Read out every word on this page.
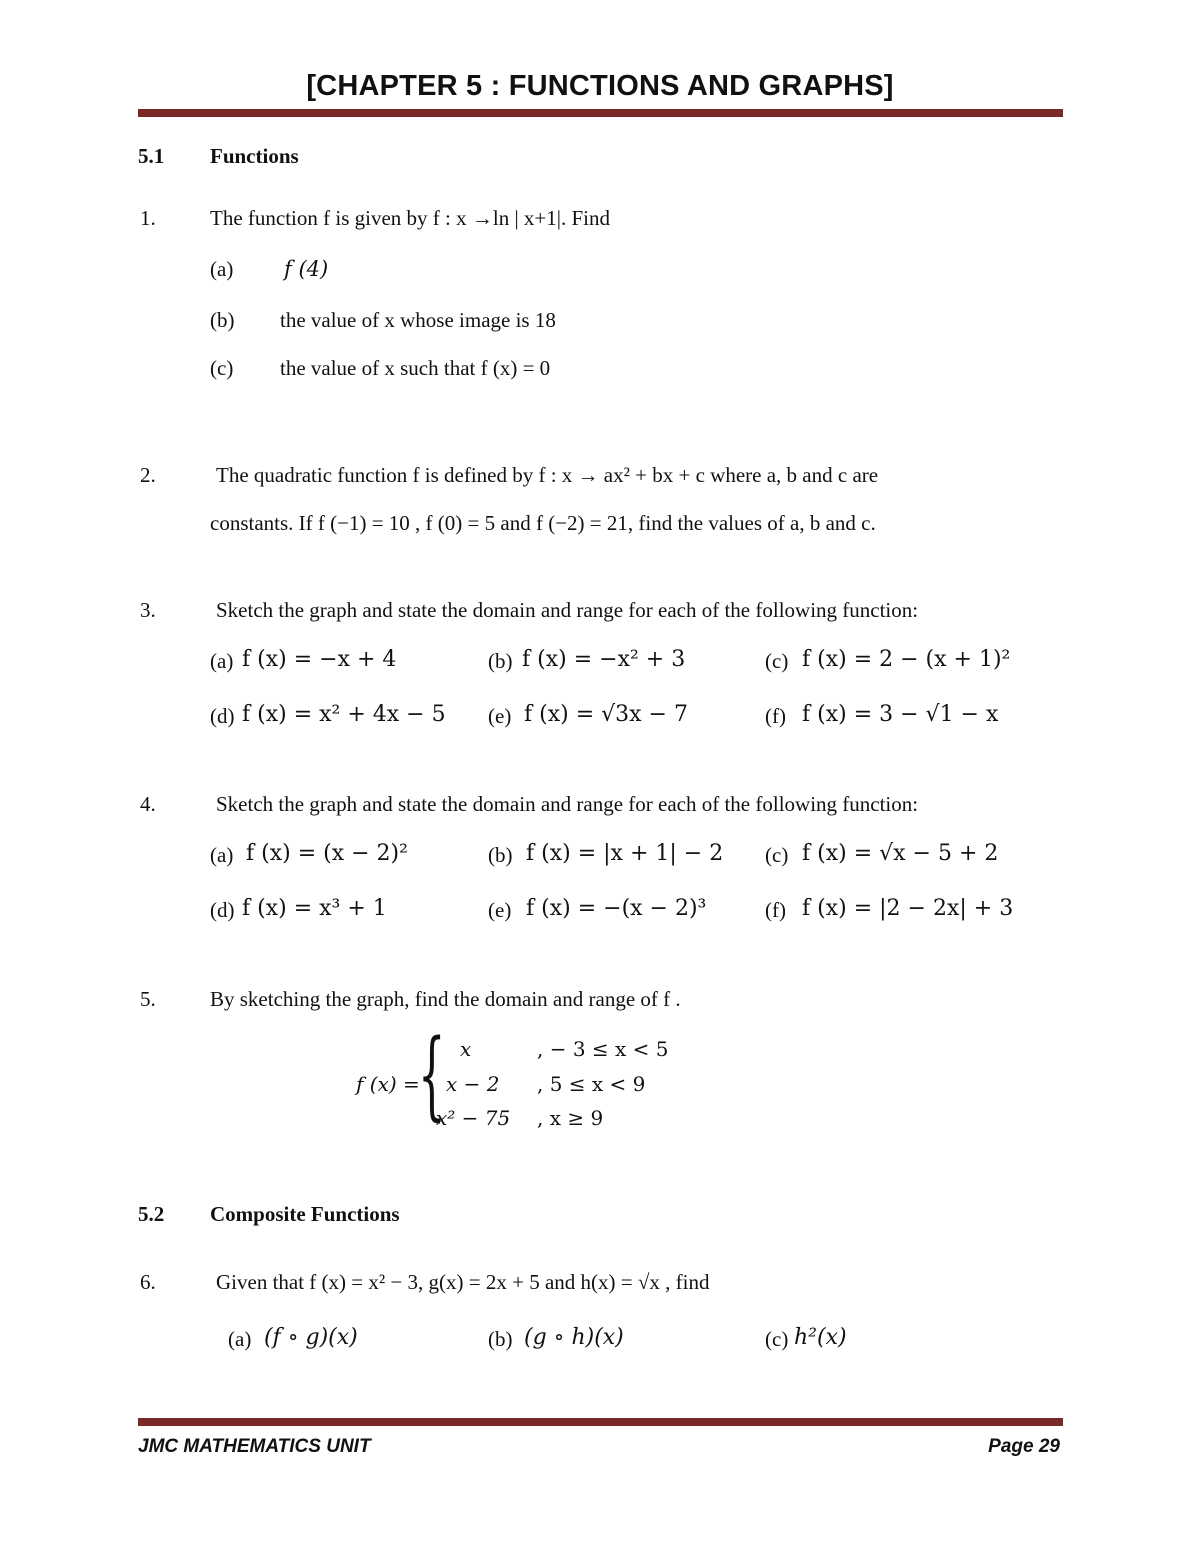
[CHAPTER 5 : FUNCTIONS AND GRAPHS]
5.1 Functions
1.	The function f is given by f : x →ln | x+1|. Find
(a) f (4)
(b) the value of x whose image is 18
(c) the value of x such that f (x) = 0
2.	The quadratic function f is defined by f : x → ax² + bx + c where a, b and c are
constants. If f (−1) = 10 , f (0) = 5 and f (−2) = 21, find the values of a, b and c.
3.	Sketch the graph and state the domain and range for each of the following function:
(a) f (x) = −x + 4	(b) f (x) = −x² + 3	(c) f (x) = 2 − (x + 1)²
(d) f (x) = x² + 4x − 5 (e) f (x) = √3x − 7	(f) f (x) = 3 − √1 − x
4.	Sketch the graph and state the domain and range for each of the following function:
(a) f (x) = (x − 2)²	(b) f (x) = |x + 1| − 2 (c) f (x) = √x − 5 + 2
(d) f (x) = x³ + 1	(e) f (x) = −(x − 2)³	(f) f (x) = |2 − 2x| + 3
5.	By sketching the graph, find the domain and range of f .
f (x) =
{ x	, − 3 ≤ x < 5
x − 2 , 5 ≤ x < 9
x² − 75 , x ≥ 9
5.2 Composite Functions
6.	Given that f (x) = x² − 3, g(x) = 2x + 5 and h(x) = √x , find
(a) (f ∘ g)(x)	(b) (g ∘ h)(x)	(c) h²(x)
JMC MATHEMATICS UNIT	Page 29
